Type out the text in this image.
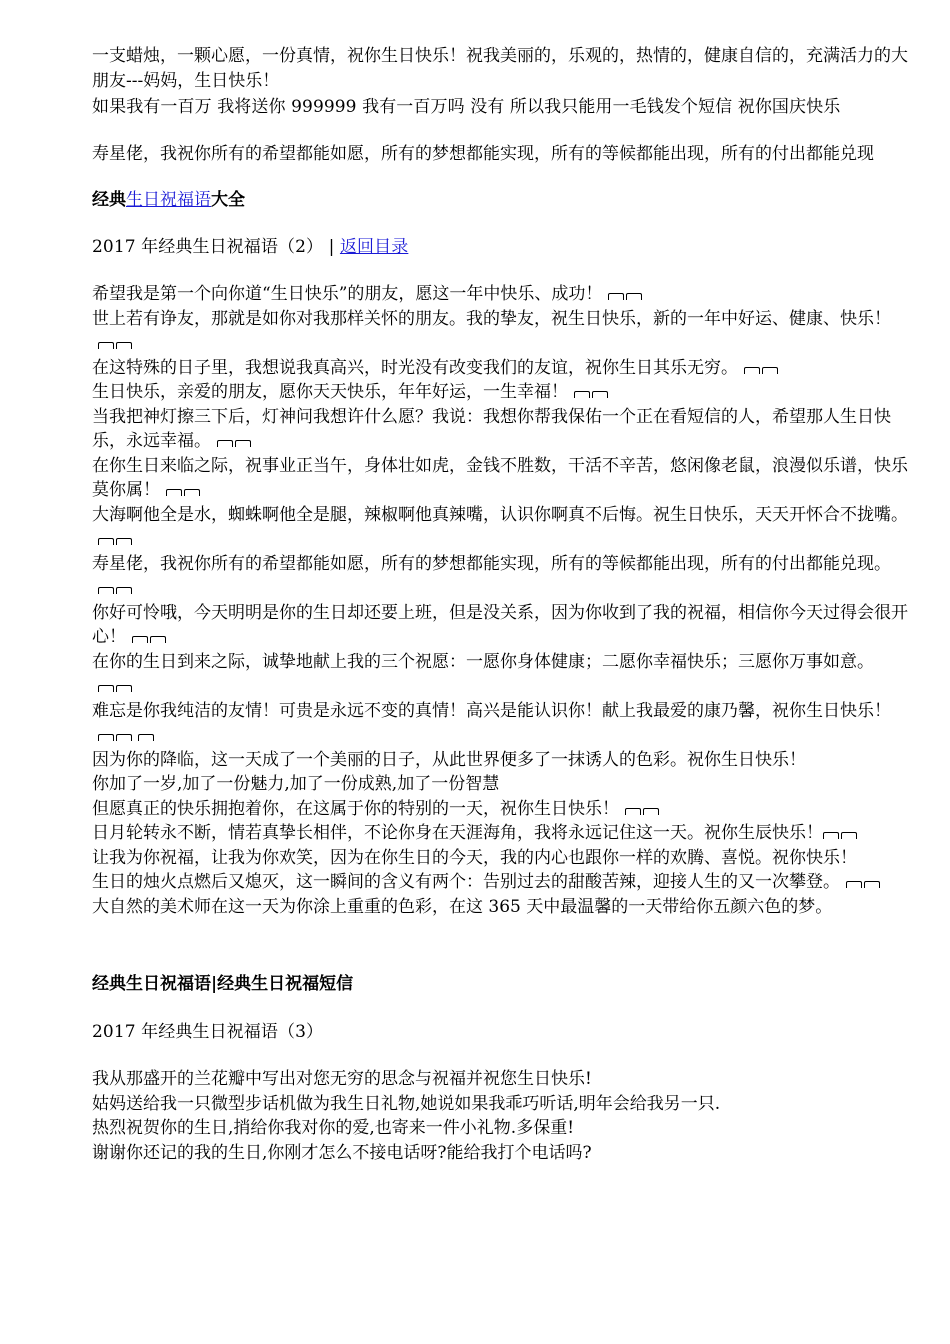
一支蜡烛，一颗心愿，一份真情，祝你生日快乐！祝我美丽的，乐观的，热情的，健康自信的，充满活力的大朋友---妈妈，生日快乐！

如果我有一百万 我将送你 999999 我有一百万吗 没有 所以我只能用一毛钱发个短信 祝你国庆快乐

寿星佬，我祝你所有的希望都能如愿，所有的梦想都能实现，所有的等候都能出现，所有的付出都能兑现

经典生日祝福语大全

2017 年经典生日祝福语（2） | 返回目录

希望我是第一个向你道“生日快乐”的朋友，愿这一年中快乐、成功！

世上若有诤友，那就是如你对我那样关怀的朋友。我的挚友，祝生日快乐，新的一年中好运、健康、快乐！

在这特殊的日子里，我想说我真高兴，时光没有改变我们的友谊，祝你生日其乐无穷。

生日快乐，亲爱的朋友，愿你天天快乐，年年好运，一生幸福！

当我把神灯擦三下后，灯神问我想许什么愿？我说：我想你帮我保佑一个正在看短信的人，希望那人生日快乐，永远幸福。

在你生日来临之际，祝事业正当午，身体壮如虎，金钱不胜数，干活不辛苦，悠闲像老鼠，浪漫似乐谱，快乐莫你属！

大海啊他全是水，蜘蛛啊他全是腿，辣椒啊他真辣嘴，认识你啊真不后悔。祝生日快乐，天天开怀合不拢嘴。

寿星佬，我祝你所有的希望都能如愿，所有的梦想都能实现，所有的等候都能出现，所有的付出都能兑现。

你好可怜哦，今天明明是你的生日却还要上班，但是没关系，因为你收到了我的祝福，相信你今天过得会很开心！

在你的生日到来之际，诚挚地献上我的三个祝愿：一愿你身体健康；二愿你幸福快乐；三愿你万事如意。

难忘是你我纯洁的友情！可贵是永远不变的真情！高兴是能认识你！献上我最爱的康乃馨，祝你生日快乐！

因为你的降临，这一天成了一个美丽的日子，从此世界便多了一抹诱人的色彩。祝你生日快乐！

你加了一岁,加了一份魅力,加了一份成熟,加了一份智慧

但愿真正的快乐拥抱着你，在这属于你的特别的一天，祝你生日快乐！

日月轮转永不断，情若真挚长相伴，不论你身在天涯海角，我将永远记住这一天。祝你生辰快乐！

让我为你祝福，让我为你欢笑，因为在你生日的今天，我的内心也跟你一样的欢腾、喜悦。祝你快乐！

生日的烛火点燃后又熄灭，这一瞬间的含义有两个：告别过去的甜酸苦辣，迎接人生的又一次攀登。

大自然的美术师在这一天为你涂上重重的色彩，在这 365 天中最温馨的一天带给你五颜六色的梦。

经典生日祝福语|经典生日祝福短信

2017 年经典生日祝福语（3）

我从那盛开的兰花瓣中写出对您无穷的思念与祝福并祝您生日快乐!

姑妈送给我一只微型步话机做为我生日礼物,她说如果我乖巧听话,明年会给我另一只.

热烈祝贺你的生日,捎给你我对你的爱,也寄来一件小礼物.多保重!

谢谢你还记的我的生日,你刚才怎么不接电话呀?能给我打个电话吗?
